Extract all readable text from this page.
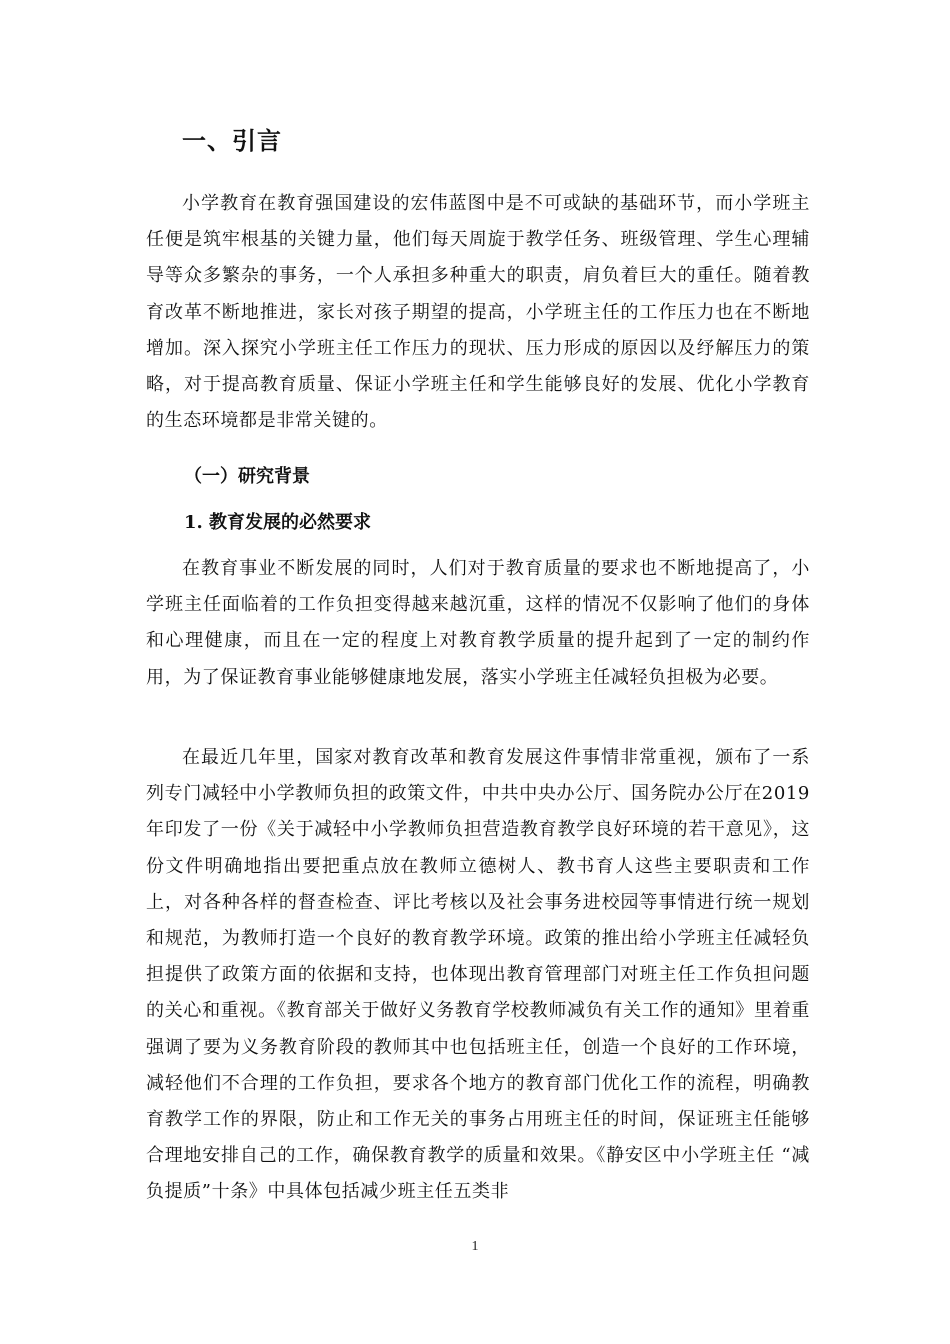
一、引言

小学教育在教育强国建设的宏伟蓝图中是不可或缺的基础环节，而小学班主任便是筑牢根基的关键力量，他们每天周旋于教学任务、班级管理、学生心理辅导等众多繁杂的事务，一个人承担多种重大的职责，肩负着巨大的重任。随着教育改革不断地推进，家长对孩子期望的提高，小学班主任的工作压力也在不断地增加。深入探究小学班主任工作压力的现状、压力形成的原因以及纾解压力的策略，对于提高教育质量、保证小学班主任和学生能够良好的发展、优化小学教育的生态环境都是非常关键的。

（一）研究背景
1. 教育发展的必然要求

在教育事业不断发展的同时，人们对于教育质量的要求也不断地提高了，小学班主任面临着的工作负担变得越来越沉重，这样的情况不仅影响了他们的身体和心理健康，而且在一定的程度上对教育教学质量的提升起到了一定的制约作用，为了保证教育事业能够健康地发展，落实小学班主任减轻负担极为必要。

在最近几年里，国家对教育改革和教育发展这件事情非常重视，颁布了一系列专门减轻中小学教师负担的政策文件，中共中央办公厅、国务院办公厅在2019年印发了一份《关于减轻中小学教师负担营造教育教学良好环境的若干意见》，这份文件明确地指出要把重点放在教师立德树人、教书育人这些主要职责和工作上，对各种各样的督查检查、评比考核以及社会事务进校园等事情进行统一规划和规范，为教师打造一个良好的教育教学环境。政策的推出给小学班主任减轻负担提供了政策方面的依据和支持，也体现出教育管理部门对班主任工作负担问题的关心和重视。《教育部关于做好义务教育学校教师减负有关工作的通知》里着重强调了要为义务教育阶段的教师其中也包括班主任，创造一个良好的工作环境，减轻他们不合理的工作负担，要求各个地方的教育部门优化工作的流程，明确教育教学工作的界限，防止和工作无关的事务占用班主任的时间，保证班主任能够合理地安排自己的工作，确保教育教学的质量和效果。《静安区中小学班主任 “减负提质”十条》中具体包括减少班主任五类非

1
